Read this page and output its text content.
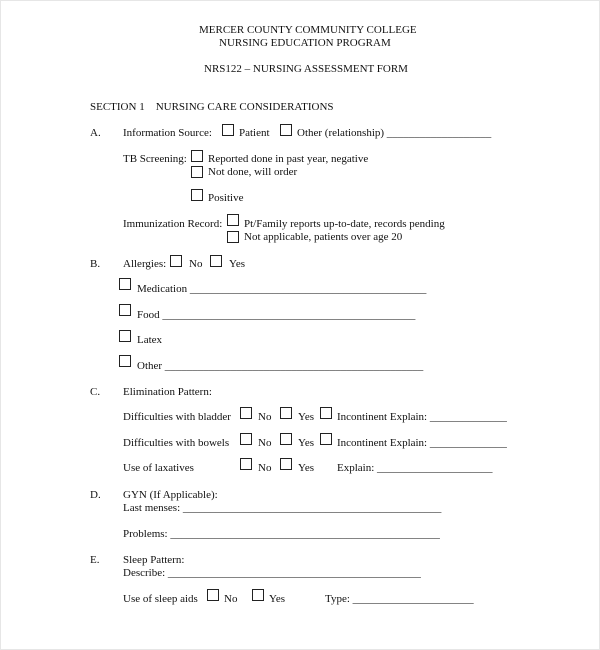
MERCER COUNTY COMMUNITY COLLEGE
NURSING EDUCATION PROGRAM
NRS122 – NURSING ASSESSMENT FORM
SECTION 1    NURSING CARE CONSIDERATIONS
A. Information Source: Patient Other (relationship) ___________________
TB Screening: Reported done in past year, negative
Not done, will order
Positive
Immunization Record: Pt/Family reports up-to-date, records pending
Not applicable, patients over age 20
B. Allergies: No Yes
Medication ___________________________________________
Food ______________________________________________
Latex
Other _______________________________________________
C. Elimination Pattern:
Difficulties with bladder No Yes Incontinent Explain: ______________
Difficulties with bowels	No Yes Incontinent Explain: ______________
Use of laxatives	No Yes Explain: _____________________
D. GYN (If Applicable):
Last menses: _______________________________________________
Problems: _________________________________________________
E. Sleep Pattern:
Describe: ______________________________________________
Use of sleep aids No	Yes	Type: ______________________
